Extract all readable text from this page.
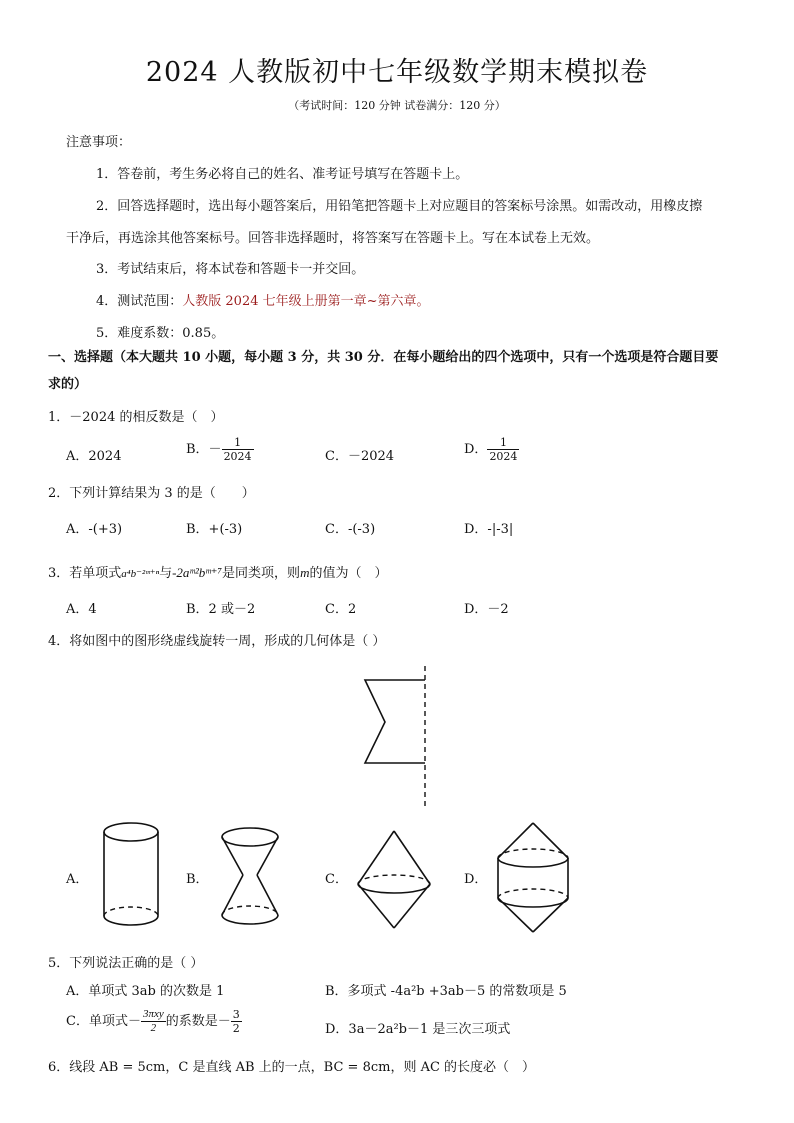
2024 人教版初中七年级数学期末模拟卷
（考试时间：120 分钟 试卷满分：120 分）
注意事项：
1．答卷前，考生务必将自己的姓名、准考证号填写在答题卡上。
2．回答选择题时，选出每小题答案后，用铅笔把答题卡上对应题目的答案标号涂黑。如需改动，用橡皮擦
干净后，再选涂其他答案标号。回答非选择题时，将答案写在答题卡上。写在本试卷上无效。
3．考试结束后，将本试卷和答题卡一并交回。
4．测试范围：人教版 2024 七年级上册第一章~第六章。
5．难度系数：0.85。
一、选择题（本大题共 10 小题，每小题 3 分，共 30 分．在每小题给出的四个选项中，只有一个选项是符合题目要
求的）
1．－2024 的相反数是（　）
A．2024	B．－ $\frac{1}{2024}$	C．－2024	D． $\frac{1}{2024}$
2．下列计算结果为 3 的是（　　）
A．-(+3)	B．+(-3)	C．-(-3)	D．-|-3|
3．若单项式a⁴b⁻²ᵐ⁺ⁿ与-2aᵐ²bᵐ⁺⁷是同类项，则m的值为（　）
A．4	B．2 或－2	C．2	D．－2
4．将如图中的图形绕虚线旋转一周，形成的几何体是（ ）
A．	B．	C．	D．
5．下列说法正确的是（ ）
A．单项式 3ab 的次数是 1	B．多项式 -4a²b +3ab－5 的常数项是 5
C．单项式－ $\frac{\text{3πxy}}{2}$ 的系数是－ $\frac{3}{2}$	D．3a－2a²b－1 是三次三项式
6．线段 AB = 5cm，C 是直线 AB 上的一点，BC = 8cm，则 AC 的长度必（　）
